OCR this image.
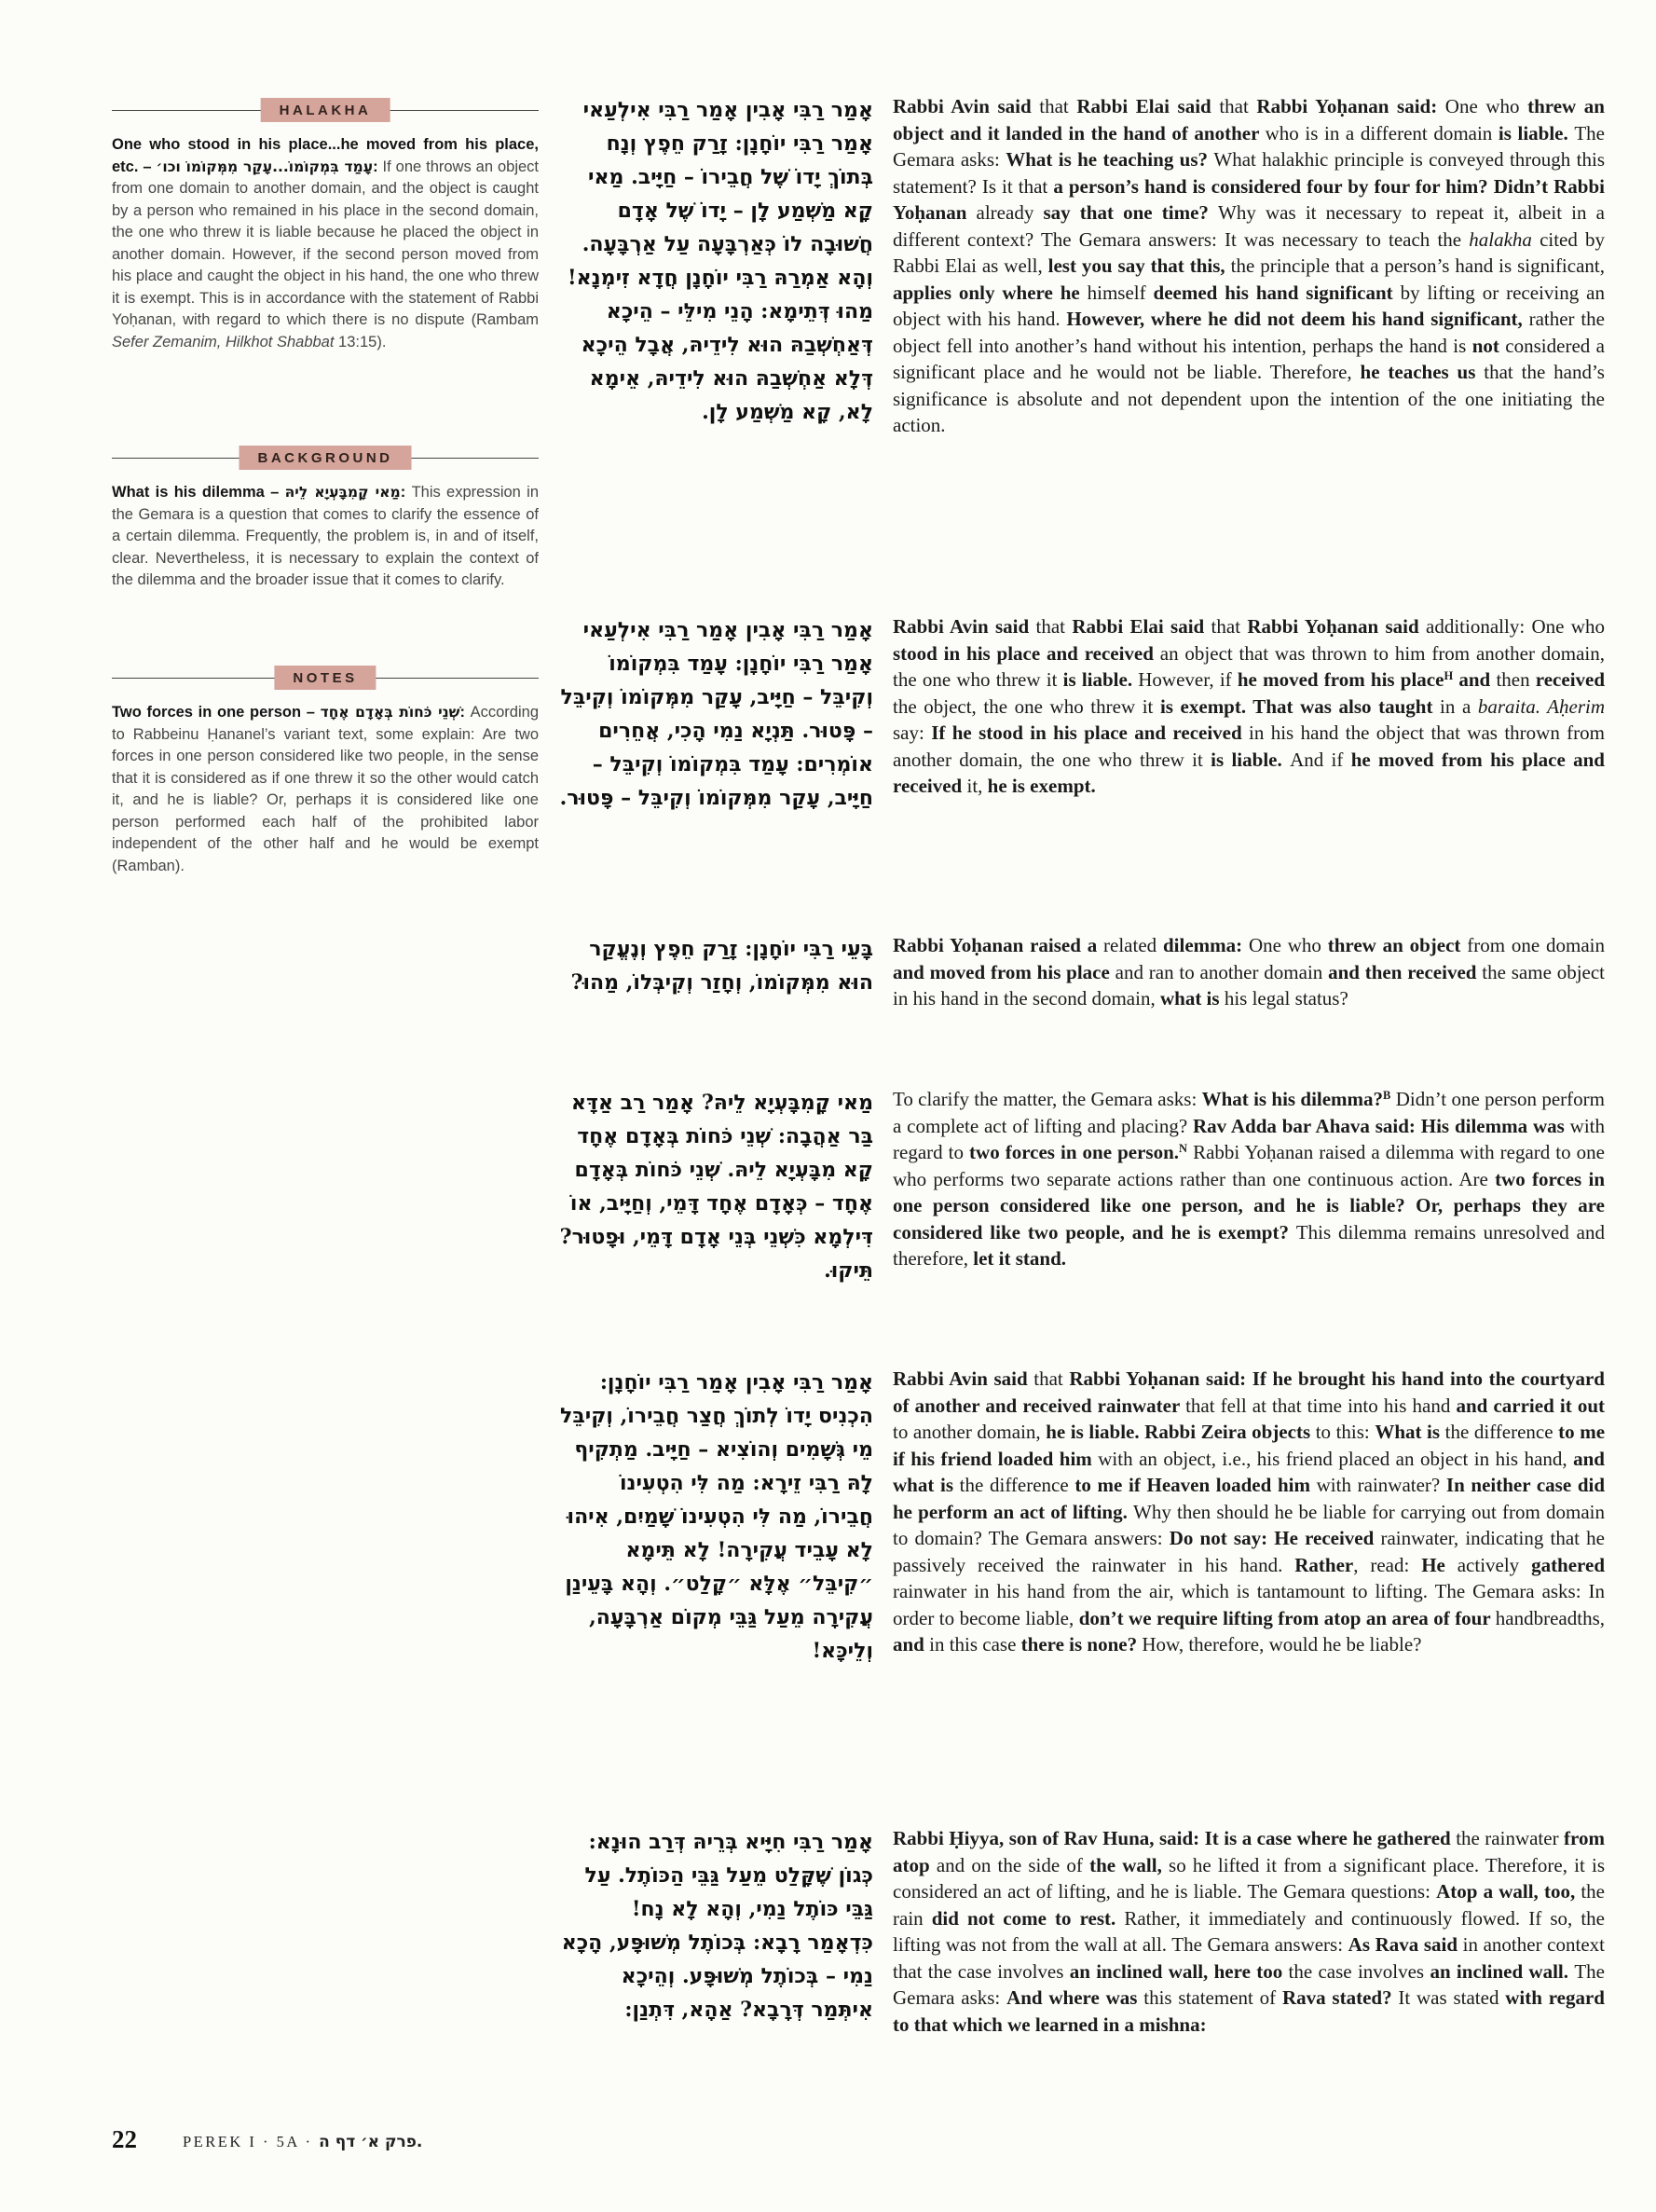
HALAKHA

One who stood in his place...he moved from his place, etc. – עָמַד בִּמְקוֹמוֹ...עָקַר מִמְּקוֹמוֹ וכו׳: If one throws an object from one domain to another domain, and the object is caught by a person who remained in his place in the second domain, the one who threw it is liable because he placed the object in another domain. However, if the second person moved from his place and caught the object in his hand, the one who threw it is exempt. This is in accordance with the statement of Rabbi Yoḥanan, with regard to which there is no dispute (Rambam Sefer Zemanim, Hilkhot Shabbat 13:15).

BACKGROUND

What is his dilemma – מַאי קָמִבָּעְיָא לֵיהּ: This expression in the Gemara is a question that comes to clarify the essence of a certain dilemma. Frequently, the problem is, in and of itself, clear. Nevertheless, it is necessary to explain the context of the dilemma and the broader issue that it comes to clarify.

NOTES

Two forces in one person – שְׁנֵי כֹּחוֹת בְּאָדָם אֶחָד: According to Rabbeinu Ḥananel’s variant text, some explain: Are two forces in one person considered like two people, in the sense that it is considered as if one threw it so the other would catch it, and he is liable? Or, perhaps it is considered like one person performed each half of the prohibited labor independent of the other half and he would be exempt (Ramban).

אָמַר רַבִּי אָבִין אָמַר רַבִּי אִילְעַאי אָמַר רַבִּי יוֹחָנָן: זָרַק חֵפֶץ וְנָח בְּתוֹךְ יָדוֹ שֶׁל חֲבֵירוֹ – חַיָּיב. מַאי קָא מַשְׁמַע לָן – יָדוֹ שֶׁל אָדָם חֲשׁוּבָה לוֹ כְּאַרְבָּעָה עַל אַרְבָּעָה. וְהָא אַמְרַהּ רַבִּי יוֹחָנָן חֲדָא זִימְנָא! מַהוּ דְּתֵימָא: הָנֵי מִילֵּי – הֵיכָא דְּאַחְשְׁבַהּ הוּא לִידֵיהּ, אֲבָל הֵיכָא דְּלָא אַחְשְׁבַהּ הוּא לִידֵיהּ, אֵימָא לָא, קָא מַשְׁמַע לָן.
אָמַר רַבִּי אָבִין אָמַר רַבִּי אִילְעַאי אָמַר רַבִּי יוֹחָנָן: עָמַד בִּמְקוֹמוֹ וְקִיבֵּל – חַיָּיב, עָקַר מִמְּקוֹמוֹ וְקִיבֵּל – פָּטוּר. תַּנְיָא נַמִי הָכִי, אֲחֵרִים אוֹמְרִים: עָמַד בִּמְקוֹמוֹ וְקִיבֵּל – חַיָּיב, עָקַר מִמְּקוֹמוֹ וְקִיבֵּל – פָּטוּר.
בָּעֵי רַבִּי יוֹחָנָן: זָרַק חֵפֶץ וְנֶעֱקַר הוּא מִמְּקוֹמוֹ, וְחָזַר וְקִיבְּלוֹ, מַהוּ?
מַאי קָמִבָּעְיָא לֵיהּ? אָמַר רַב אַדָּא בַּר אַהֲבָה: שְׁנֵי כֹּחוֹת בְּאָדָם אֶחָד קָא מִבָּעְיָא לֵיהּ. שְׁנֵי כֹּחוֹת בְּאָדָם אֶחָד – כְּאָדָם אֶחָד דָּמֵי, וְחַיָּיב, אוֹ דִּילְמָא כִּשְׁנֵי בְּנֵי אָדָם דָּמֵי, וּפָטוּר? תֵּיקוּ.
אָמַר רַבִּי אָבִין אָמַר רַבִּי יוֹחָנָן: הִכְנִיס יָדוֹ לְתוֹךְ חֲצַר חֲבֵירוֹ, וְקִיבֵּל מֵי גְּשָׁמִים וְהוֹצִיא – חַיָּיב. מַתְקִיף לָהּ רַבִּי זֵירָא: מַה לִּי הִטְעִינוֹ חֲבֵירוֹ, מַה לִּי הִטְעִינוֹ שָׁמַיִם, אִיהוּ לָא עָבֵיד עֲקִירָה! לָא תֵּימָא ״קִיבֵּל״ אֶלָּא ״קָלַט״. וְהָא בָּעֵינַן עֲקִירָה מֵעַל גַּבֵּי מְקוֹם אַרְבָּעָה, וְלֵיכָּא!
אָמַר רַבִּי חִיָּיא בְּרֵיהּ דְּרַב הוּנָא: כְּגוֹן שֶׁקָּלַט מֵעַל גַּבֵּי הַכּוֹתֶל. עַל גַּבֵּי כּוֹתֶל נַמִי, וְהָא לָא נָח! כִּדְאָמַר רָבָא: בְּכוֹתֶל מְשׁוּפָּע, הָכָא נַמִי – בְּכוֹתֶל מְשׁוּפָּע. וְהֵיכָא אִיתְּמַר דְּרָבָא? אַהָא, דִּתְנַן:
Rabbi Avin said that Rabbi Elai said that Rabbi Yoḥanan said: One who threw an object and it landed in the hand of another who is in a different domain is liable. The Gemara asks: What is he teaching us? What halakhic principle is conveyed through this statement? Is it that a person’s hand is considered four by four for him? Didn’t Rabbi Yoḥanan already say that one time? Why was it necessary to repeat it, albeit in a different context? The Gemara answers: It was necessary to teach the halakha cited by Rabbi Elai as well, lest you say that this, the principle that a person’s hand is significant, applies only where he himself deemed his hand significant by lifting or receiving an object with his hand. However, where he did not deem his hand significant, rather the object fell into another’s hand without his intention, perhaps the hand is not considered a significant place and he would not be liable. Therefore, he teaches us that the hand’s significance is absolute and not dependent upon the intention of the one initiating the action.
Rabbi Avin said that Rabbi Elai said that Rabbi Yoḥanan said additionally: One who stood in his place and received an object that was thrown to him from another domain, the one who threw it is liable. However, if he moved from his place$^H$ and then received the object, the one who threw it is exempt. That was also taught in a baraita. Aḥerim say: If he stood in his place and received in his hand the object that was thrown from another domain, the one who threw it is liable. And if he moved from his place and received it, he is exempt.
Rabbi Yoḥanan raised a related dilemma: One who threw an object from one domain and moved from his place and ran to another domain and then received the same object in his hand in the second domain, what is his legal status?
To clarify the matter, the Gemara asks: What is his dilemma?$^B$ Didn’t one person perform a complete act of lifting and placing? Rav Adda bar Ahava said: His dilemma was with regard to two forces in one person.$^N$ Rabbi Yoḥanan raised a dilemma with regard to one who performs two separate actions rather than one continuous action. Are two forces in one person considered like one person, and he is liable? Or, perhaps they are considered like two people, and he is exempt? This dilemma remains unresolved and therefore, let it stand.
Rabbi Avin said that Rabbi Yoḥanan said: If he brought his hand into the courtyard of another and received rainwater that fell at that time into his hand and carried it out to another domain, he is liable. Rabbi Zeira objects to this: What is the difference to me if his friend loaded him with an object, i.e., his friend placed an object in his hand, and what is the difference to me if Heaven loaded him with rainwater? In neither case did he perform an act of lifting. Why then should he be liable for carrying out from domain to domain? The Gemara answers: Do not say: He received rainwater, indicating that he passively received the rainwater in his hand. Rather, read: He actively gathered rainwater in his hand from the air, which is tantamount to lifting. The Gemara asks: In order to become liable, don’t we require lifting from atop an area of four handbreadths, and in this case there is none? How, therefore, would he be liable?
Rabbi Ḥiyya, son of Rav Huna, said: It is a case where he gathered the rainwater from atop and on the side of the wall, so he lifted it from a significant place. Therefore, it is considered an act of lifting, and he is liable. The Gemara questions: Atop a wall, too, the rain did not come to rest. Rather, it immediately and continuously flowed. If so, the lifting was not from the wall at all. The Gemara answers: As Rava said in another context that the case involves an inclined wall, here too the case involves an inclined wall. The Gemara asks: And where was this statement of Rava stated? It was stated with regard to that which we learned in a mishna:
22	PEREK I · 5A · פרק א׳ דף ה.
